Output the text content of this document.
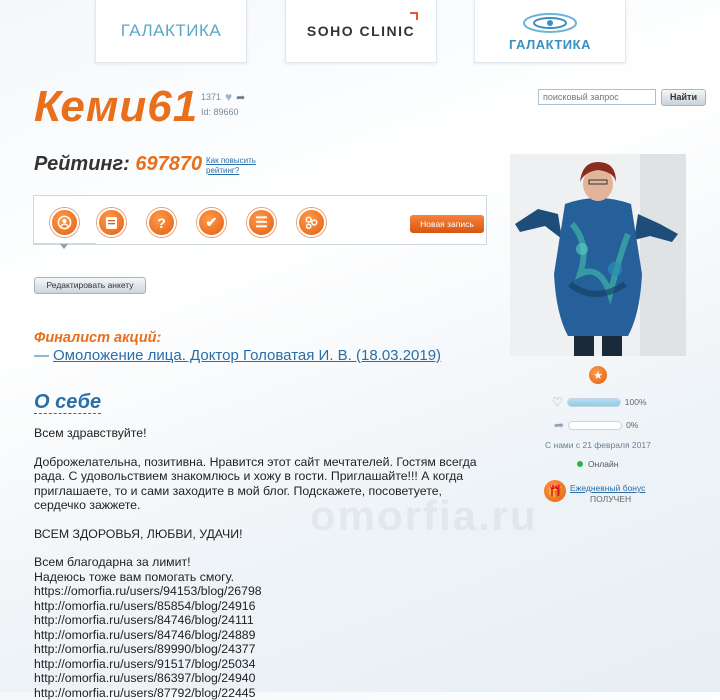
ГАЛАКТИКА	SOHO CLINIC
ГАЛАКТИКА
Кеми61 1371 ♥ ➦
Id: 89660
поисковый запрос
Найти
Рейтинг: 697870 Как повысить рейтинг?
?	✔	☰	Новая запись
Редактировать анкету
Финалист акций:
— Омоложение лица. Доктор Головатая И. В. (18.03.2019)
О себе

Всем здравствуйте!

Доброжелательна, позитивна. Нравится этот сайт мечтателей. Гостям всегда рада. С удовольствием знакомлюсь и хожу в гости. Приглашайте!!! А когда приглашаете, то и сами заходите в мой блог. Подскажете, посоветуете, сердечко зажжете.

ВСЕМ ЗДОРОВЬЯ, ЛЮБВИ, УДАЧИ!

Всем благодарна за лимит!
Надеюсь тоже вам помогать смогу.
https://omorfia.ru/users/94153/blog/26798
http://omorfia.ru/users/85854/blog/24916
http://omorfia.ru/users/84746/blog/24111
http://omorfia.ru/users/84746/blog/24889
http://omorfia.ru/users/89990/blog/24377
http://omorfia.ru/users/91517/blog/25034
http://omorfia.ru/users/86397/blog/24940
http://omorfia.ru/users/87792/blog/22445
★
♡	100%
➦	0%
С нами с 21 февраля 2017
Онлайн
🎁 Ежедневный бонус
ПОЛУЧЕН
omorfia.ru
